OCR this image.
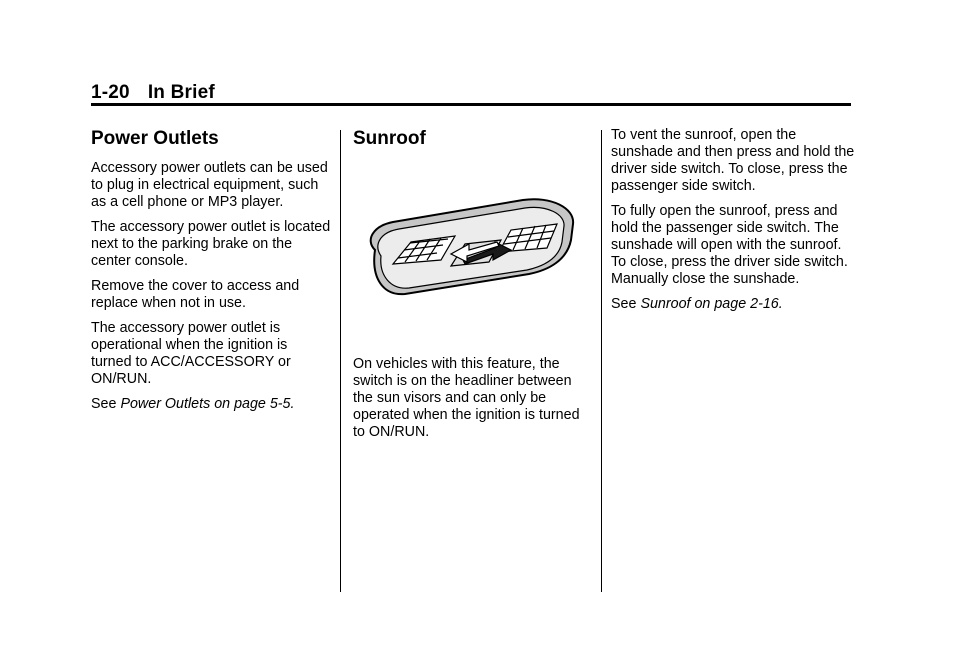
1-20 In Brief
Power Outlets

Accessory power outlets can be used to plug in electrical equipment, such as a cell phone or MP3 player.

The accessory power outlet is located next to the parking brake on the center console.

Remove the cover to access and replace when not in use.

The accessory power outlet is operational when the ignition is turned to ACC/ACCESSORY or ON/RUN.

See Power Outlets on page 5-5.

Sunroof

On vehicles with this feature, the switch is on the headliner between the sun visors and can only be operated when the ignition is turned to ON/RUN.

To vent the sunroof, open the sunshade and then press and hold the driver side switch. To close, press the passenger side switch.

To fully open the sunroof, press and hold the passenger side switch. The sunshade will open with the sunroof. To close, press the driver side switch. Manually close the sunshade.

See Sunroof on page 2-16.
